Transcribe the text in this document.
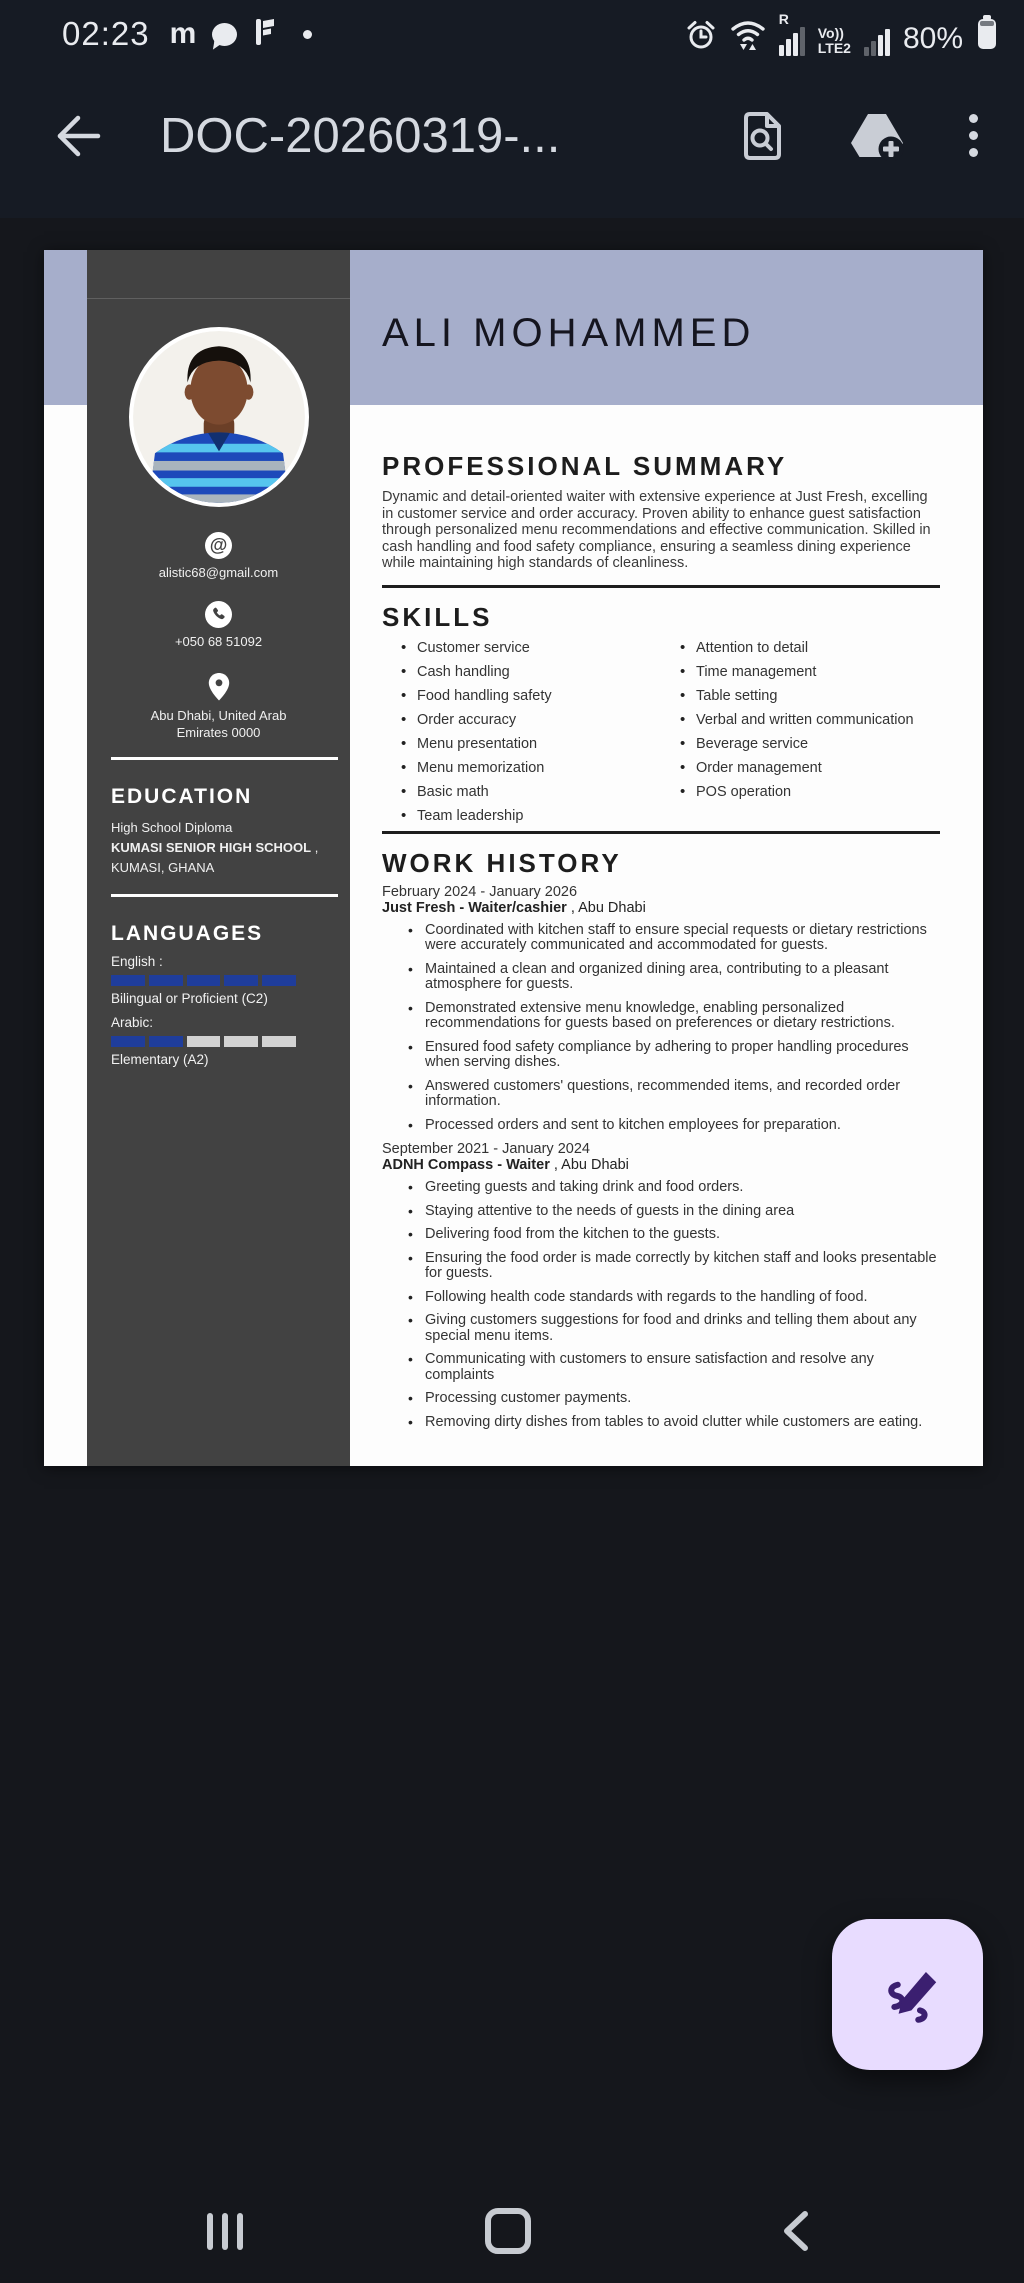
02:23 m	R
Vo))
LTE2 80%
DOC-20260319-...
@
alistic68@gmail.com
+050 68 51092
Abu Dhabi, United Arab
Emirates 0000
EDUCATION

High School Diploma
KUMASI SENIOR HIGH SCHOOL , KUMASI, GHANA

LANGUAGES
English :
Bilingual or Proficient (C2)
Arabic:
Elementary (A2)
ALI MOHAMMED
PROFESSIONAL SUMMARY

Dynamic and detail-oriented waiter with extensive experience at Just Fresh, excelling in customer service and order accuracy. Proven ability to enhance guest satisfaction through personalized menu recommendations and effective communication. Skilled in cash handling and food safety compliance, ensuring a seamless dining experience while maintaining high standards of cleanliness.

SKILLS
• Customer service
• Cash handling
• Food handling safety
• Order accuracy
• Menu presentation
• Menu memorization
• Basic math
• Team leadership
• Attention to detail
• Time management
• Table setting
• Verbal and written communication
• Beverage service
• Order management
• POS operation
WORK HISTORY
February 2024 - January 2026
Just Fresh - Waiter/cashier , Abu Dhabi
• Coordinated with kitchen staff to ensure special requests or dietary restrictions were accurately communicated and accommodated for guests.
• Maintained a clean and organized dining area, contributing to a pleasant atmosphere for guests.
• Demonstrated extensive menu knowledge, enabling personalized recommendations for guests based on preferences or dietary restrictions.
• Ensured food safety compliance by adhering to proper handling procedures when serving dishes.
• Answered customers' questions, recommended items, and recorded order information.
• Processed orders and sent to kitchen employees for preparation.
September 2021 - January 2024
ADNH Compass - Waiter , Abu Dhabi
• Greeting guests and taking drink and food orders.
• Staying attentive to the needs of guests in the dining area
• Delivering food from the kitchen to the guests.
• Ensuring the food order is made correctly by kitchen staff and looks presentable for guests.
• Following health code standards with regards to the handling of food.
• Giving customers suggestions for food and drinks and telling them about any special menu items.
• Communicating with customers to ensure satisfaction and resolve any complaints
• Processing customer payments.
• Removing dirty dishes from tables to avoid clutter while customers are eating.
